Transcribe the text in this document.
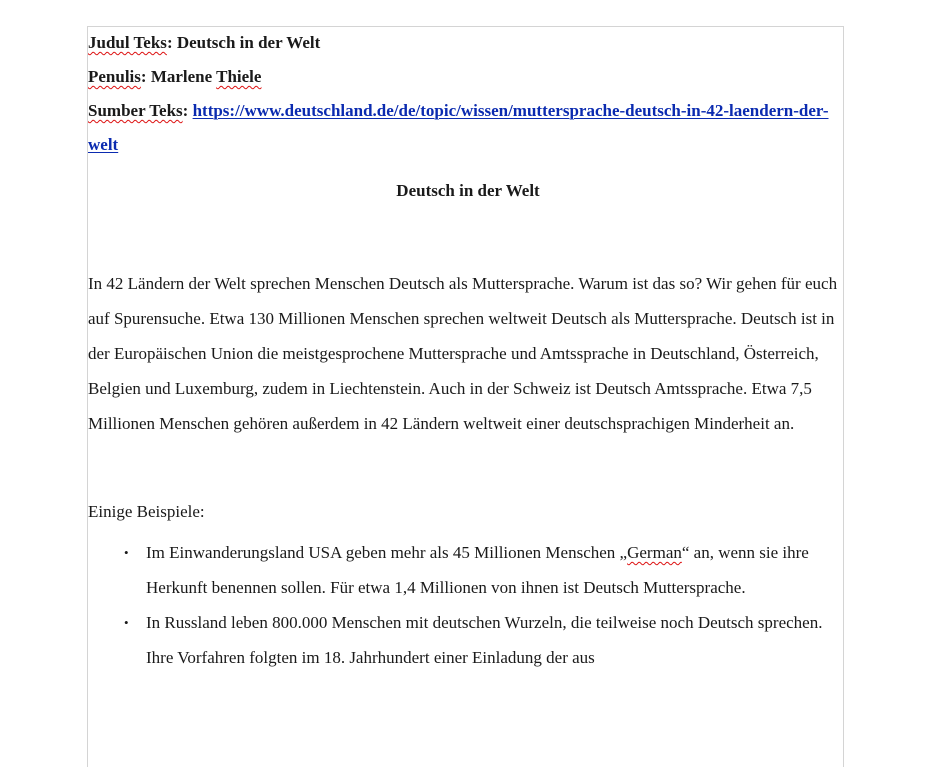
Judul Teks: Deutsch in der Welt

Penulis: Marlene Thiele

Sumber Teks: https://www.deutschland.de/de/topic/wissen/muttersprache-deutsch-in-42-laendern-der-welt

Deutsch in der Welt

In 42 Ländern der Welt sprechen Menschen Deutsch als Muttersprache. Warum ist das so? Wir gehen für euch auf Spurensuche. Etwa 130 Millionen Menschen sprechen weltweit Deutsch als Muttersprache. Deutsch ist in der Europäischen Union die meistgesprochene Muttersprache und Amtssprache in Deutschland, Österreich, Belgien und Luxemburg, zudem in Liechtenstein. Auch in der Schweiz ist Deutsch Amtssprache. Etwa 7,5 Millionen Menschen gehören außerdem in 42 Ländern weltweit einer deutschsprachigen Minderheit an.

Einige Beispiele:

• Im Einwanderungsland USA geben mehr als 45 Millionen Menschen „German“ an, wenn sie ihre Herkunft benennen sollen. Für etwa 1,4 Millionen von ihnen ist Deutsch Muttersprache.
• In Russland leben 800.000 Menschen mit deutschen Wurzeln, die teilweise noch Deutsch sprechen. Ihre Vorfahren folgten im 18. Jahrhundert einer Einladung der aus
